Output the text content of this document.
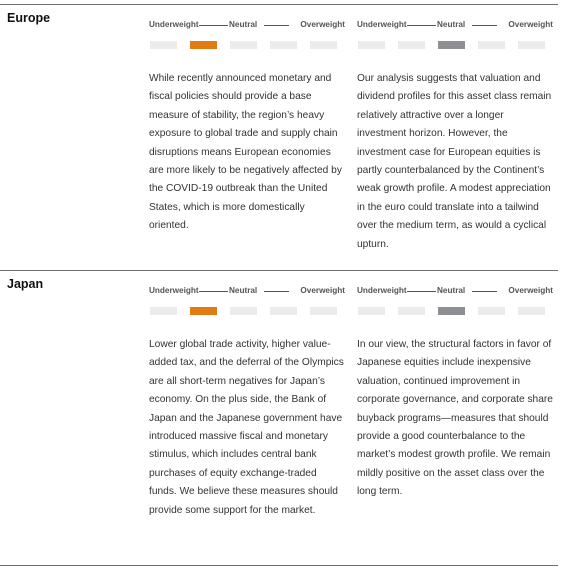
Europe	Underweight	Neutral	Overweight

While recently announced monetary and fiscal policies should provide a base measure of stability, the region’s heavy exposure to global trade and supply chain disruptions means European economies are more likely to be negatively affected by the COVID-19 outbreak than the United States, which is more domestically oriented.

Underweight	Neutral	Overweight

Our analysis suggests that valuation and dividend profiles for this asset class remain relatively attractive over a longer investment horizon. However, the investment case for European equities is partly counterbalanced by the Continent’s weak growth profile. A modest appreciation in the euro could translate into a tailwind over the medium term, as would a cyclical upturn.

Japan	Underweight	Neutral	Overweight

Lower global trade activity, higher value-added tax, and the deferral of the Olympics are all short-term negatives for Japan’s economy. On the plus side, the Bank of Japan and the Japanese government have introduced massive fiscal and monetary stimulus, which includes central bank purchases of equity exchange-traded funds. We believe these measures should provide some support for the market.

Underweight	Neutral	Overweight

In our view, the structural factors in favor of Japanese equities include inexpensive valuation, continued improvement in corporate governance, and corporate share buyback programs—measures that should provide a good counterbalance to the market’s modest growth profile. We remain mildly positive on the asset class over the long term.
